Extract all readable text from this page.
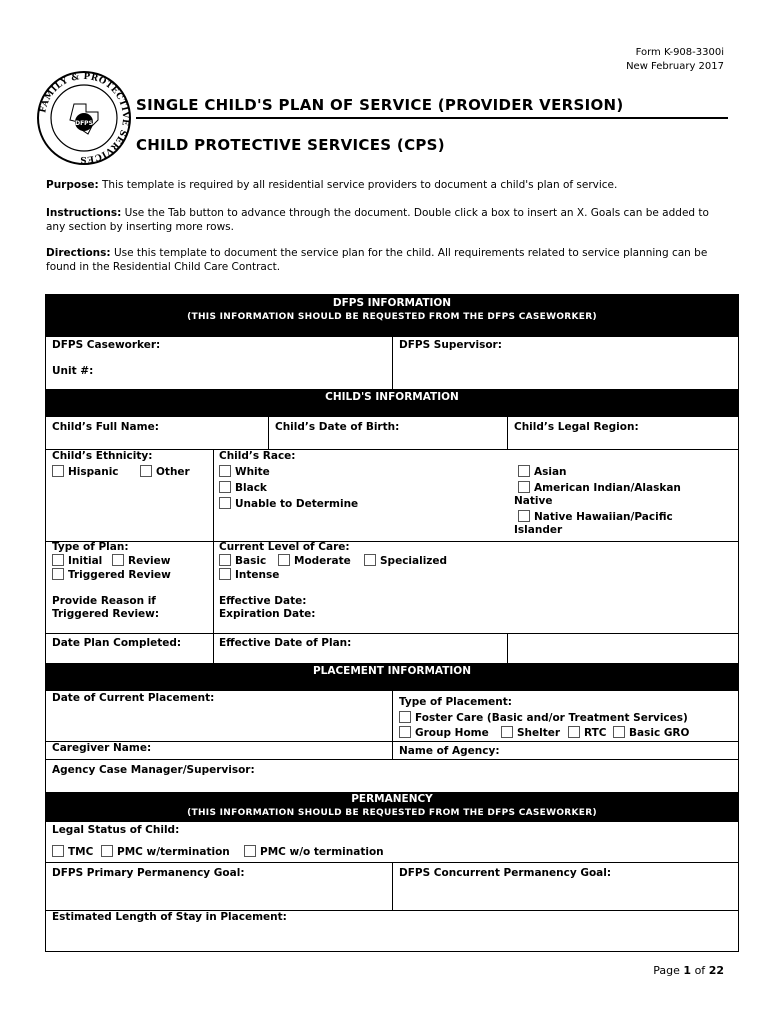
Form K-908-3300i
New February 2017
FAMILY & PROTECTIVE SERVICES
DFPS
SINGLE CHILD'S PLAN OF SERVICE (PROVIDER VERSION)
CHILD PROTECTIVE SERVICES (CPS)
Purpose: This template is required by all residential service providers to document a child's plan of service.
Instructions: Use the Tab button to advance through the document. Double click a box to insert an X. Goals can be added to any section by inserting more rows.
Directions: Use this template to document the service plan for the child. All requirements related to service planning can be found in the Residential Child Care Contract.
DFPS INFORMATION
(THIS INFORMATION SHOULD BE REQUESTED FROM THE DFPS CASEWORKER)
DFPS Caseworker:	DFPS Supervisor:
Unit #:
CHILD'S INFORMATION
Child’s Full Name:	Child’s Date of Birth:	Child’s Legal Region:
Child’s Ethnicity:
Hispanic	Other
Child’s Race:
White
Black
Unable to Determine
Asian
American Indian/Alaskan
Native
Native Hawaiian/Pacific
Islander
Type of Plan:
Initial	Review
Triggered Review
Current Level of Care:
Basic	Moderate	Specialized
Intense
Provide Reason if
Triggered Review:
Effective Date:
Expiration Date:
Date Plan Completed:	Effective Date of Plan:
PLACEMENT INFORMATION
Date of Current Placement:	Type of Placement:
Foster Care (Basic and/or Treatment Services)
Group Home	Shelter	RTC	Basic GRO
Caregiver Name:	Name of Agency:
Agency Case Manager/Supervisor:
PERMANENCY
(THIS INFORMATION SHOULD BE REQUESTED FROM THE DFPS CASEWORKER)
Legal Status of Child:
TMC	PMC w/termination	PMC w/o termination
DFPS Primary Permanency Goal:	DFPS Concurrent Permanency Goal:
Estimated Length of Stay in Placement:
Page 1 of 22
